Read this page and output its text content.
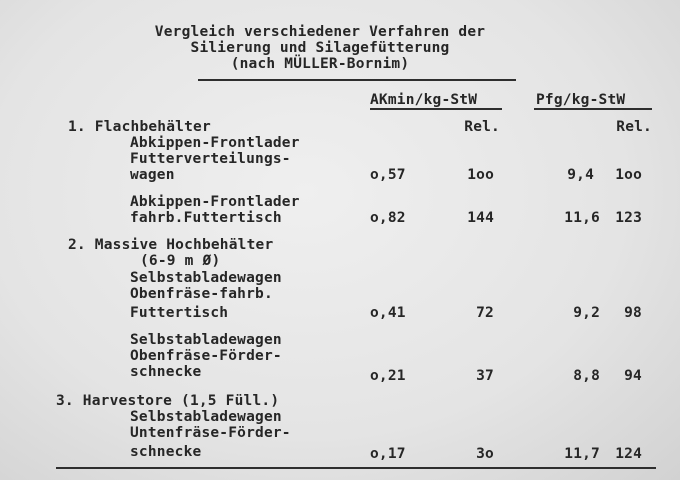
Vergleich verschiedener Verfahren der
Silierung und Silagefütterung
(nach MÜLLER-Bornim)
AKmin/kg-StW	Pfg/kg-StW
1. Flachbehälter	Rel.	Rel.
Abkippen-Frontlader
Futterverteilungs-
wagen	o,57	1oo	9,4	1oo
Abkippen-Frontlader
fahrb.Futtertisch	o,82	144	11,6	123
2. Massive Hochbehälter
(6-9 m Ø)
Selbstabladewagen
Obenfräse-fahrb.
Futtertisch	o,41	72	9,2	98
Selbstabladewagen
Obenfräse-Förder-
schnecke	o,21	37	8,8	94
3. Harvestore (1,5 Füll.)
Selbstabladewagen
Untenfräse-Förder-
schnecke	o,17	3o	11,7	124
